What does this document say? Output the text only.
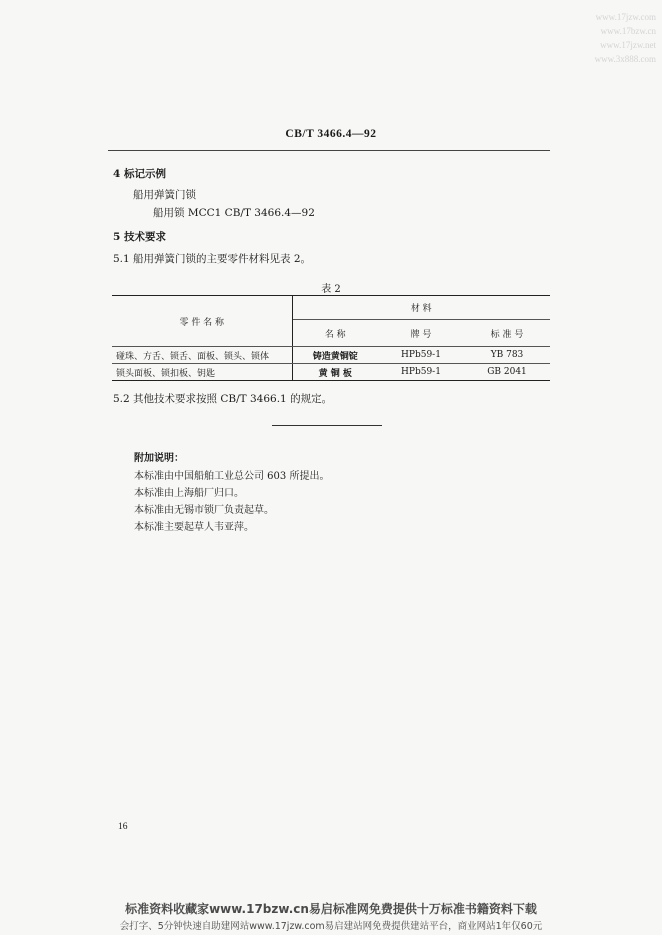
www.17jzw.com
www.17bzw.cn
www.17jzw.net
www.3x888.com
CB/T 3466.4—92
4 标记示例
船用弹簧门锁
船用锁 MCC1 CB/T 3466.4—92
5 技术要求
5.1 船用弹簧门锁的主要零件材料见表 2。
表 2
零 件 名 称	材 料		
	名 称	牌 号	标 准 号
碰珠、方舌、锁舌、面板、锁头、锁体	铸造黄铜锭	HPb59-1	YB 783
锁头面板、锁扣板、钥匙	黄 铜 板	HPb59-1	GB 2041
5.2 其他技术要求按照 CB/T 3466.1 的规定。
附加说明：
本标准由中国船舶工业总公司 603 所提出。
本标准由上海船厂归口。
本标准由无锡市锁厂负责起草。
本标准主要起草人韦亚萍。
16
标准资料收藏家www.17bzw.cn易启标准网免费提供十万标准书籍资料下载
会打字、5分钟快速自助建网站www.17jzw.com易启建站网免费提供建站平台，商业网站1年仅60元
